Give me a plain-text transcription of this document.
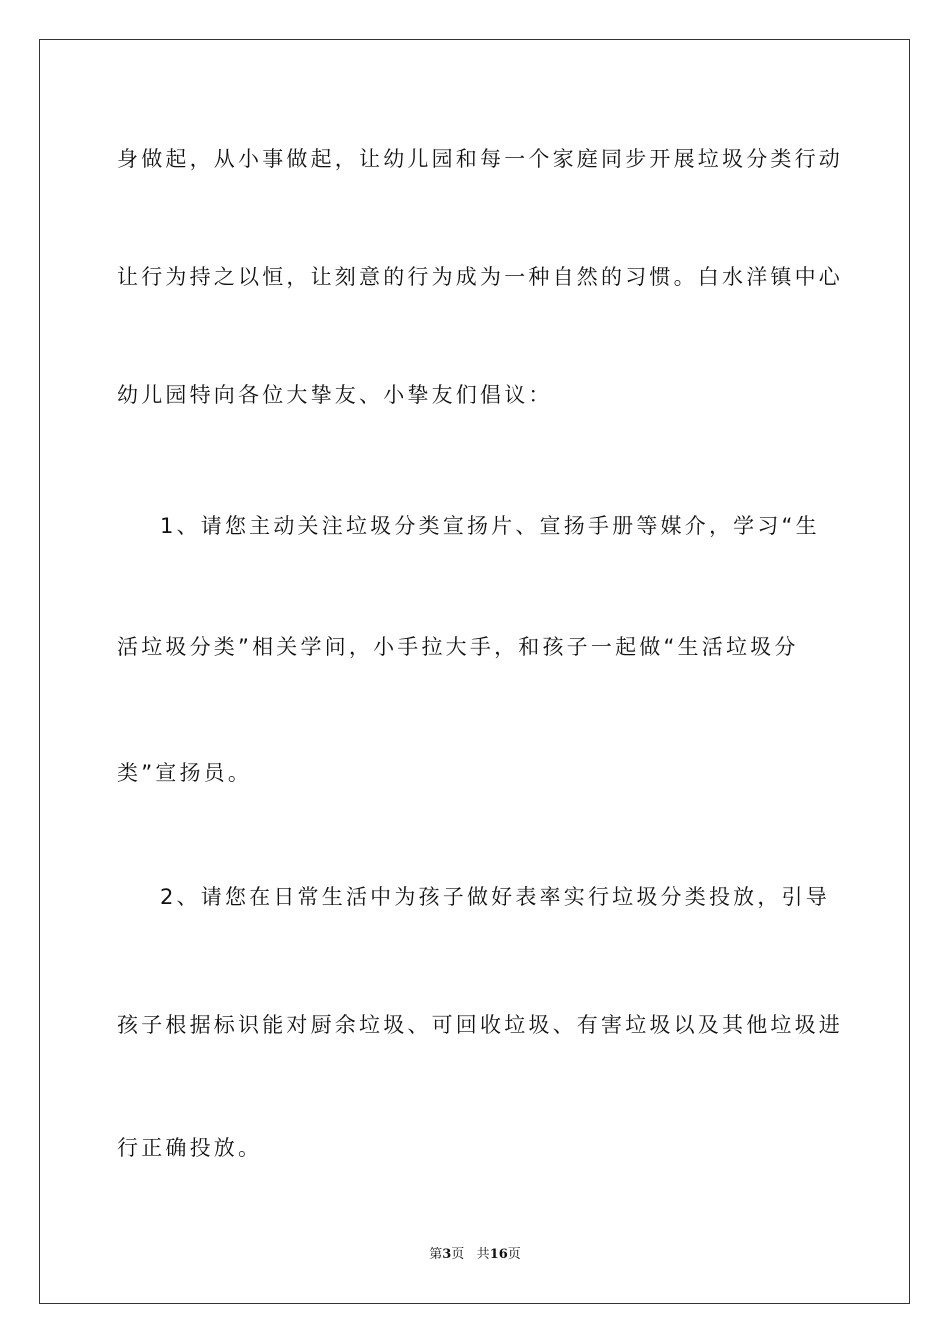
身做起，从小事做起，让幼儿园和每一个家庭同步开展垃圾分类行动
让行为持之以恒，让刻意的行为成为一种自然的习惯。白水洋镇中心
幼儿园特向各位大挚友、小挚友们倡议：
1、请您主动关注垃圾分类宣扬片、宣扬手册等媒介，学习“生
活垃圾分类”相关学问，小手拉大手，和孩子一起做“生活垃圾分
类”宣扬员。
2、请您在日常生活中为孩子做好表率实行垃圾分类投放，引导
孩子根据标识能对厨余垃圾、可回收垃圾、有害垃圾以及其他垃圾进
行正确投放。
第3页 共16页
